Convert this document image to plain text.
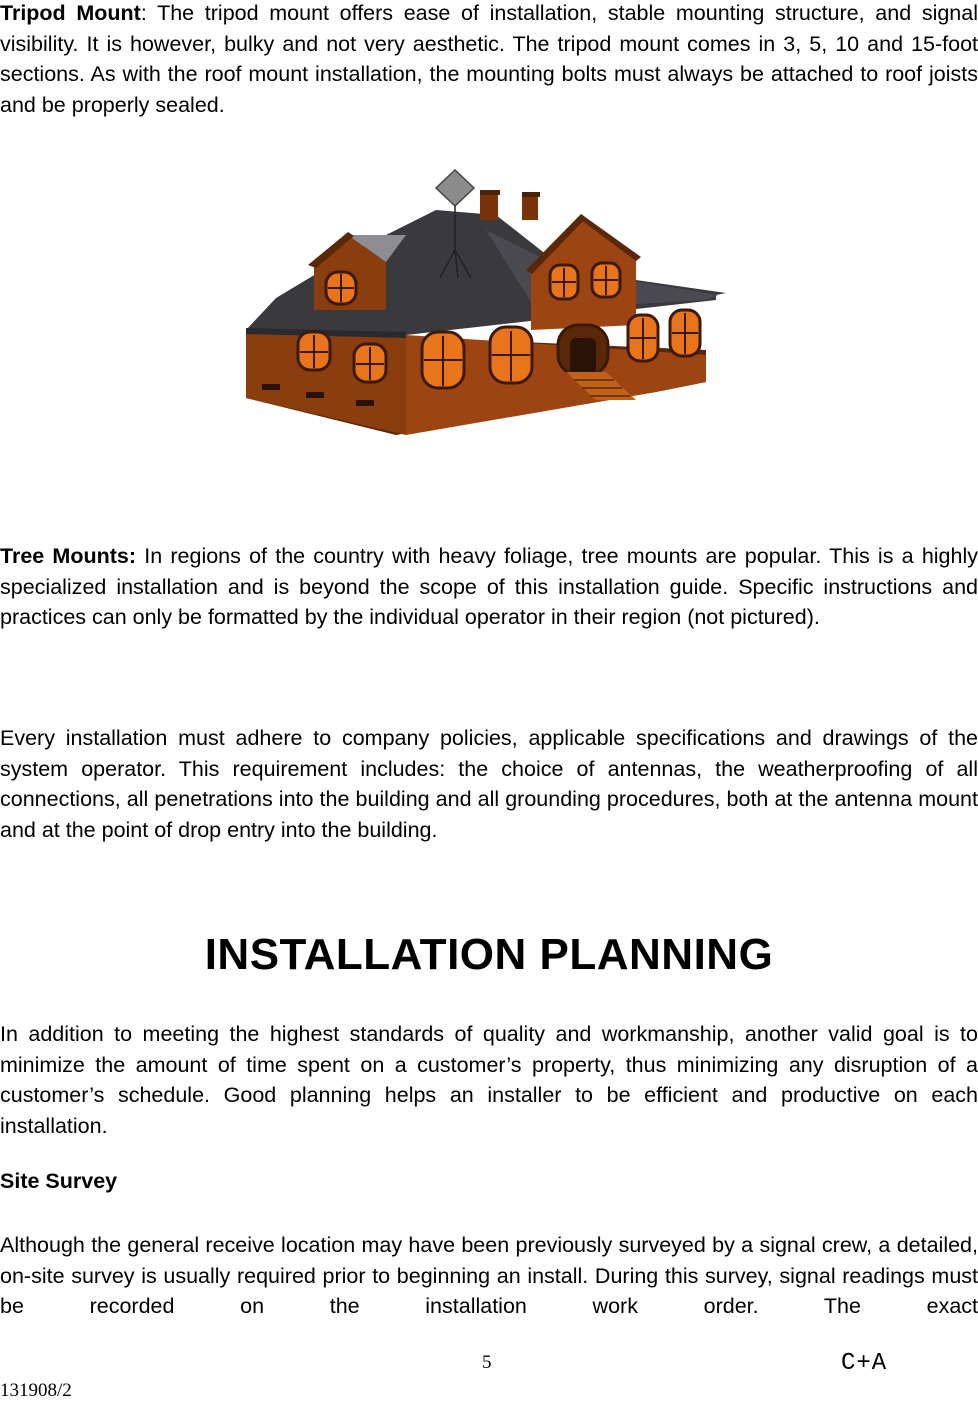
Tripod Mount: The tripod mount offers ease of installation, stable mounting structure, and signal visibility. It is however, bulky and not very aesthetic. The tripod mount comes in 3, 5, 10 and 15-foot sections. As with the roof mount installation, the mounting bolts must always be attached to roof joists and be properly sealed.

Tree Mounts: In regions of the country with heavy foliage, tree mounts are popular. This is a highly specialized installation and is beyond the scope of this installation guide. Specific instructions and practices can only be formatted by the individual operator in their region (not pictured).

Every installation must adhere to company policies, applicable specifications and drawings of the system operator. This requirement includes: the choice of antennas, the weatherproofing of all connections, all penetrations into the building and all grounding procedures, both at the antenna mount and at the point of drop entry into the building.

INSTALLATION PLANNING

In addition to meeting the highest standards of quality and workmanship, another valid goal is to minimize the amount of time spent on a customer’s property, thus minimizing any disruption of a customer’s schedule. Good planning helps an installer to be efficient and productive on each installation.

Site Survey

Although the general receive location may have been previously surveyed by a signal crew, a detailed, on-site survey is usually required prior to beginning an install. During this survey, signal readings must be recorded on the installation work order. The exact

131908/2
5	C+A
